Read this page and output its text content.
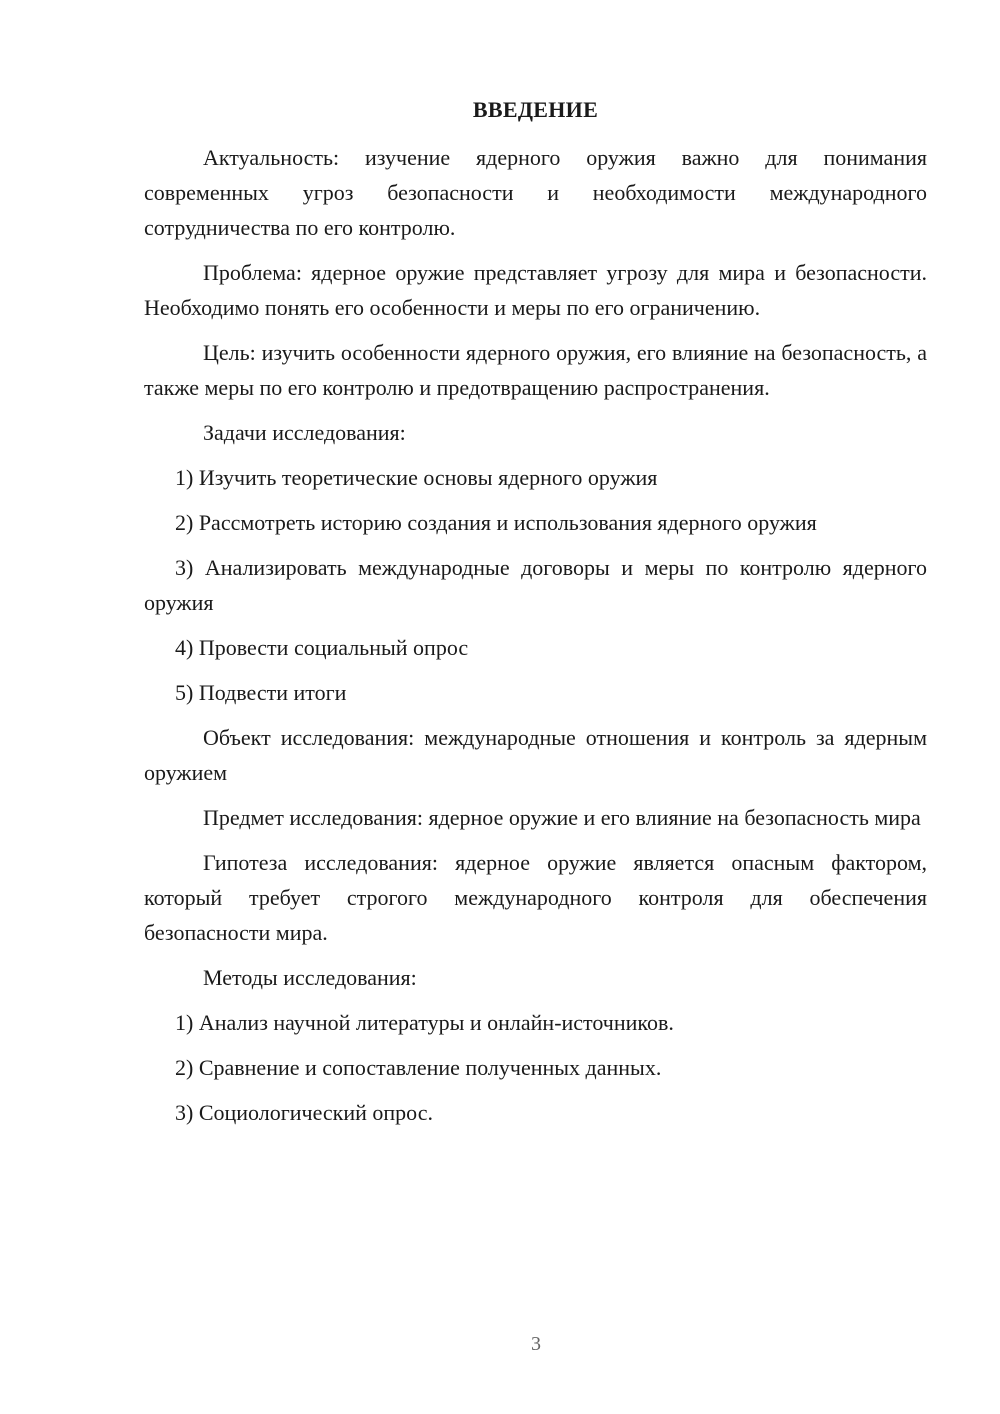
ВВЕДЕНИЕ

Актуальность: изучение ядерного оружия важно для понимания современных угроз безопасности и необходимости международного сотрудничества по его контролю.

Проблема: ядерное оружие представляет угрозу для мира и безопасности. Необходимо понять его особенности и меры по его ограничению.

Цель: изучить особенности ядерного оружия, его влияние на безопасность, а также меры по его контролю и предотвращению распространения.

Задачи исследования:

1) Изучить теоретические основы ядерного оружия

2) Рассмотреть историю создания и использования ядерного оружия

3) Анализировать международные договоры и меры по контролю ядерного оружия

4) Провести социальный опрос

5) Подвести итоги

Объект исследования: международные отношения и контроль за ядерным оружием

Предмет исследования: ядерное оружие и его влияние на безопасность мира

Гипотеза исследования: ядерное оружие является опасным фактором, который требует строгого международного контроля для обеспечения безопасности мира.

Методы исследования:

1) Анализ научной литературы и онлайн-источников.

2) Сравнение и сопоставление полученных данных.

3) Социологический опрос.

3
